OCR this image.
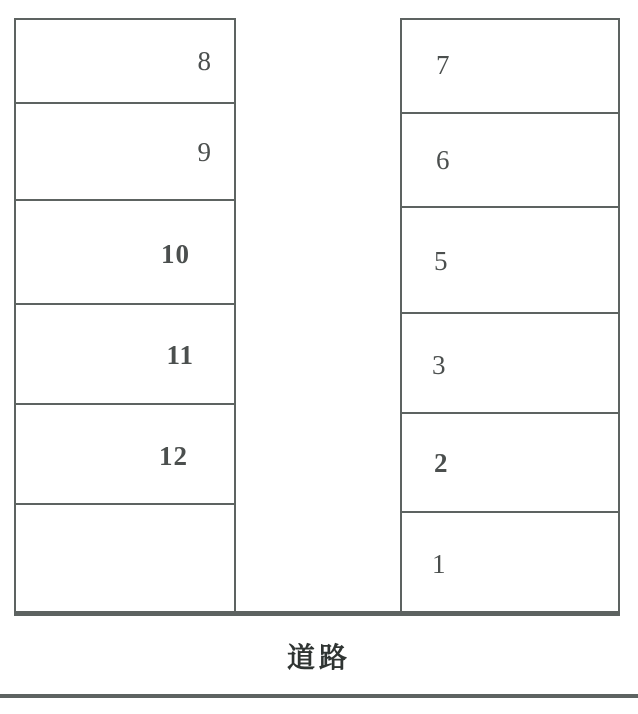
8
9
10
11
12
7
6
5
3
2
1
道路
